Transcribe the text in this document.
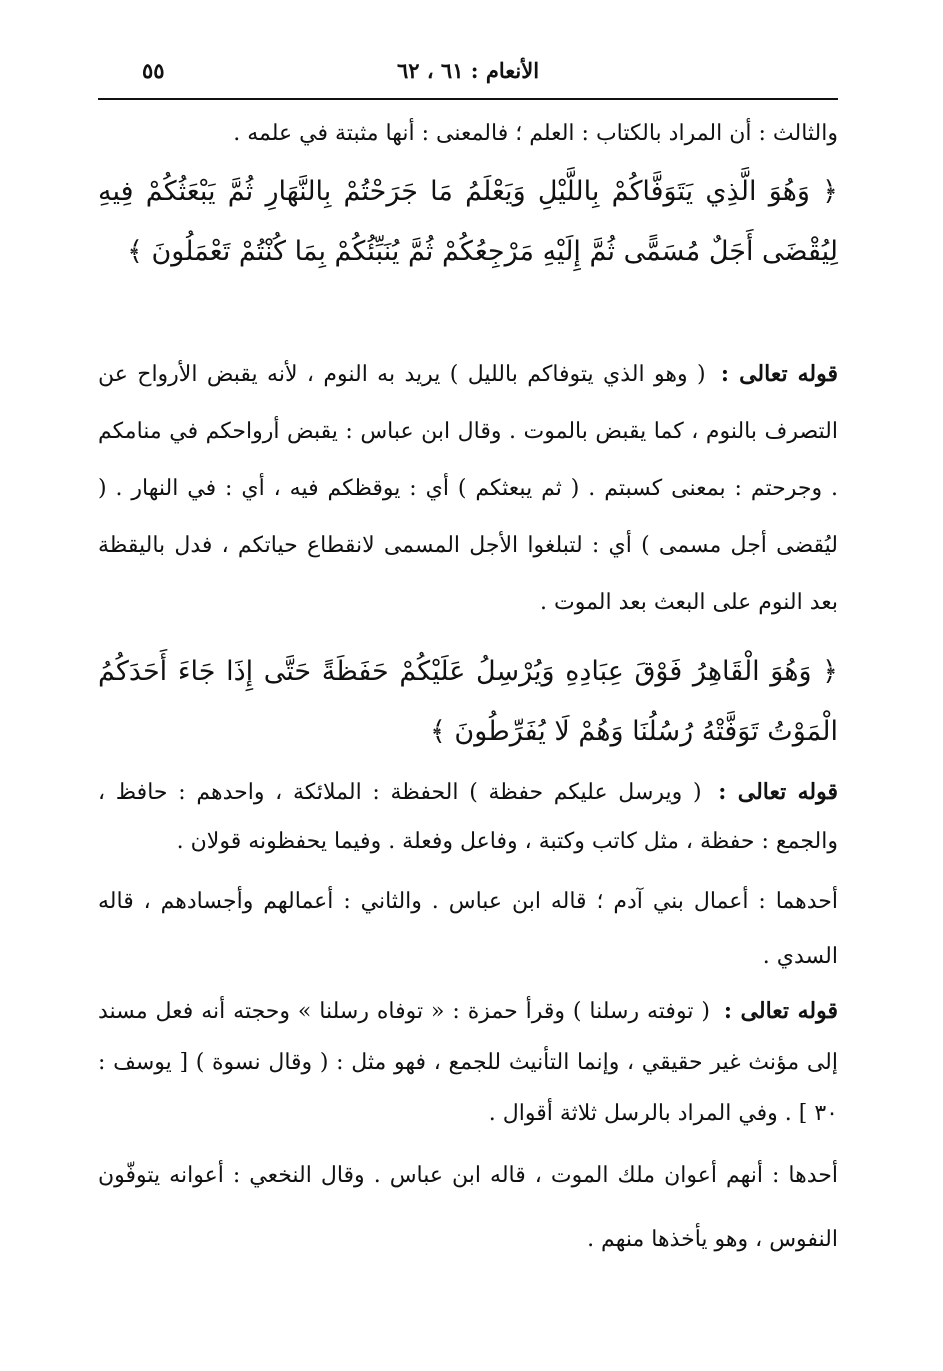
الأنعام : ٦١ ، ٦٢
٥٥
والثالث : أن المراد بالكتاب : العلم ؛ فالمعنى : أنها مثبتة في علمه .
﴿ وَهُوَ الَّذِي يَتَوَفَّاكُمْ بِاللَّيْلِ وَيَعْلَمُ مَا جَرَحْتُمْ بِالنَّهَارِ ثُمَّ يَبْعَثُكُمْ فِيهِ لِيُقْضَى أَجَلٌ مُسَمًّى ثُمَّ إِلَيْهِ مَرْجِعُكُمْ ثُمَّ يُنَبِّئُكُمْ بِمَا كُنْتُمْ تَعْمَلُونَ ﴾
قوله تعالى : ( وهو الذي يتوفاكم بالليل ) يريد به النوم ، لأنه يقبض الأرواح عن التصرف بالنوم ، كما يقبض بالموت . وقال ابن عباس : يقبض أرواحكم في منامكم . وجرحتم : بمعنى كسبتم . ( ثم يبعثكم ) أي : يوقظكم فيه ، أي : في النهار . ( ليُقضى أجل مسمى ) أي : لتبلغوا الأجل المسمى لانقطاع حياتكم ، فدل باليقظة بعد النوم على البعث بعد الموت .
﴿ وَهُوَ الْقَاهِرُ فَوْقَ عِبَادِهِ وَيُرْسِلُ عَلَيْكُمْ حَفَظَةً حَتَّى إِذَا جَاءَ أَحَدَكُمُ الْمَوْتُ تَوَفَّتْهُ رُسُلُنَا وَهُمْ لَا يُفَرِّطُونَ ﴾
قوله تعالى : ( ويرسل عليكم حفظة ) الحفظة : الملائكة ، واحدهم : حافظ ، والجمع : حفظة ، مثل كاتب وكتبة ، وفاعل وفعلة . وفيما يحفظونه قولان .
أحدهما : أعمال بني آدم ؛ قاله ابن عباس . والثاني : أعمالهم وأجسادهم ، قاله السدي .
قوله تعالى : ( توفته رسلنا ) وقرأ حمزة : « توفاه رسلنا » وحجته أنه فعل مسند إلى مؤنث غير حقيقي ، وإنما التأنيث للجمع ، فهو مثل : ( وقال نسوة ) [ يوسف : ٣٠ ] . وفي المراد بالرسل ثلاثة أقوال .
أحدها : أنهم أعوان ملك الموت ، قاله ابن عباس . وقال النخعي : أعوانه يتوفّون النفوس ، وهو يأخذها منهم .
